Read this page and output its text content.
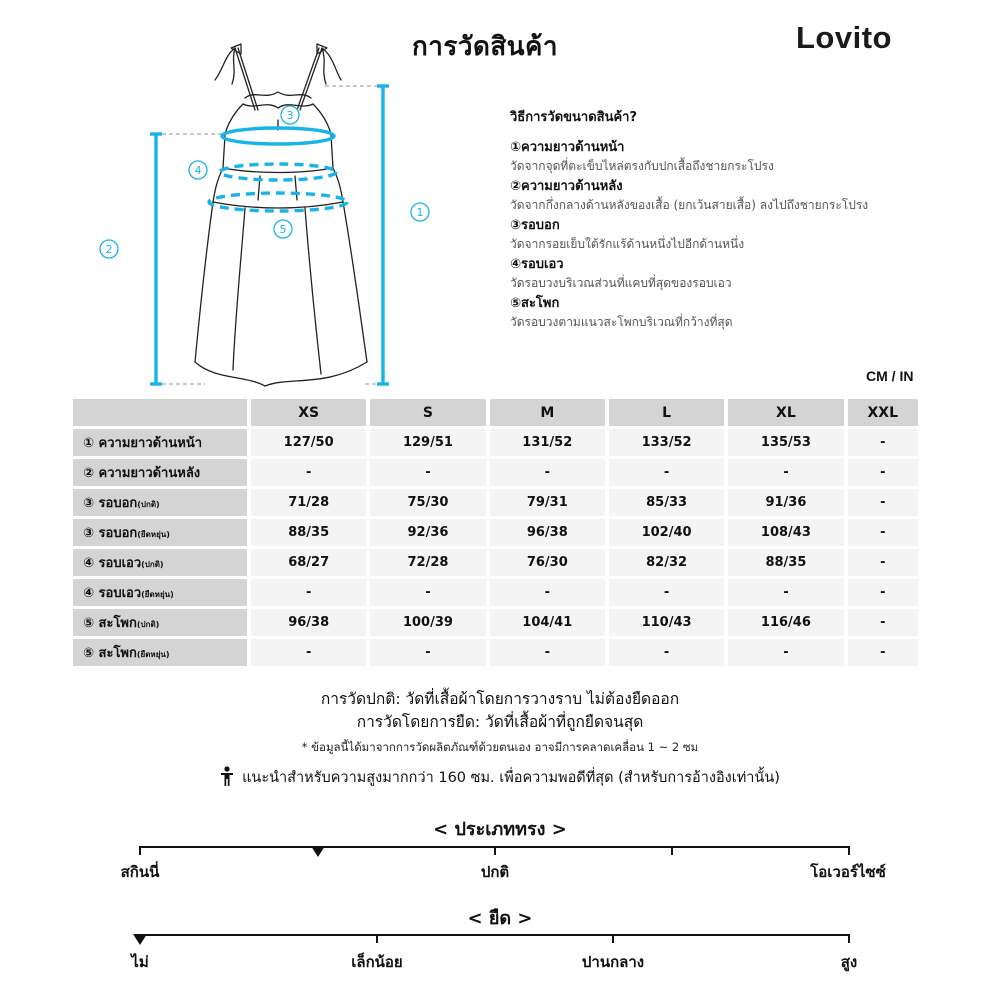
การวัดสินค้า	Lovito
3
4
5
1
2
วิธีการวัดขนาดสินค้า?
①ความยาวด้านหน้า
วัดจากจุดที่ตะเข็บไหล่ตรงกับปกเสื้อถึงชายกระโปรง
②ความยาวด้านหลัง
วัดจากกึ่งกลางด้านหลังของเสื้อ (ยกเว้นสายเสื้อ) ลงไปถึงชายกระโปรง
③รอบอก
วัดจากรอยเย็บใต้รักแร้ด้านหนึ่งไปอีกด้านหนึ่ง
④รอบเอว
วัดรอบวงบริเวณส่วนที่แคบที่สุดของรอบเอว
⑤สะโพก
วัดรอบวงตามแนวสะโพกบริเวณที่กว้างที่สุด
CM / IN
	XS	S	M	L	XL	XXL
① ความยาวด้านหน้า	127/50	129/51	131/52	133/52	135/53	-
② ความยาวด้านหลัง	-	-	-	-	-	-
③ รอบอก(ปกติ)	71/28	75/30	79/31	85/33	91/36	-
③ รอบอก(ยืดหยุ่น)	88/35	92/36	96/38	102/40	108/43	-
④ รอบเอว(ปกติ)	68/27	72/28	76/30	82/32	88/35	-
④ รอบเอว(ยืดหยุ่น)	-	-	-	-	-	-
⑤ สะโพก(ปกติ)	96/38	100/39	104/41	110/43	116/46	-
⑤ สะโพก(ยืดหยุ่น)	-	-	-	-	-	-
การวัดปกติ: วัดที่เสื้อผ้าโดยการวางราบ ไม่ต้องยืดออก
การวัดโดยการยืด: วัดที่เสื้อผ้าที่ถูกยืดจนสุด
* ข้อมูลนี้ได้มาจากการวัดผลิตภัณฑ์ด้วยตนเอง อาจมีการคลาดเคลื่อน 1 ~ 2 ซม
แนะนำสำหรับความสูงมากกว่า 160 ซม. เพื่อความพอดีที่สุด (สำหรับการอ้างอิงเท่านั้น)
< ประเภททรง >
สกินนี่	ปกติ	โอเวอร์ไซซ์
< ยืด >
ไม่	เล็กน้อย	ปานกลาง	สูง
